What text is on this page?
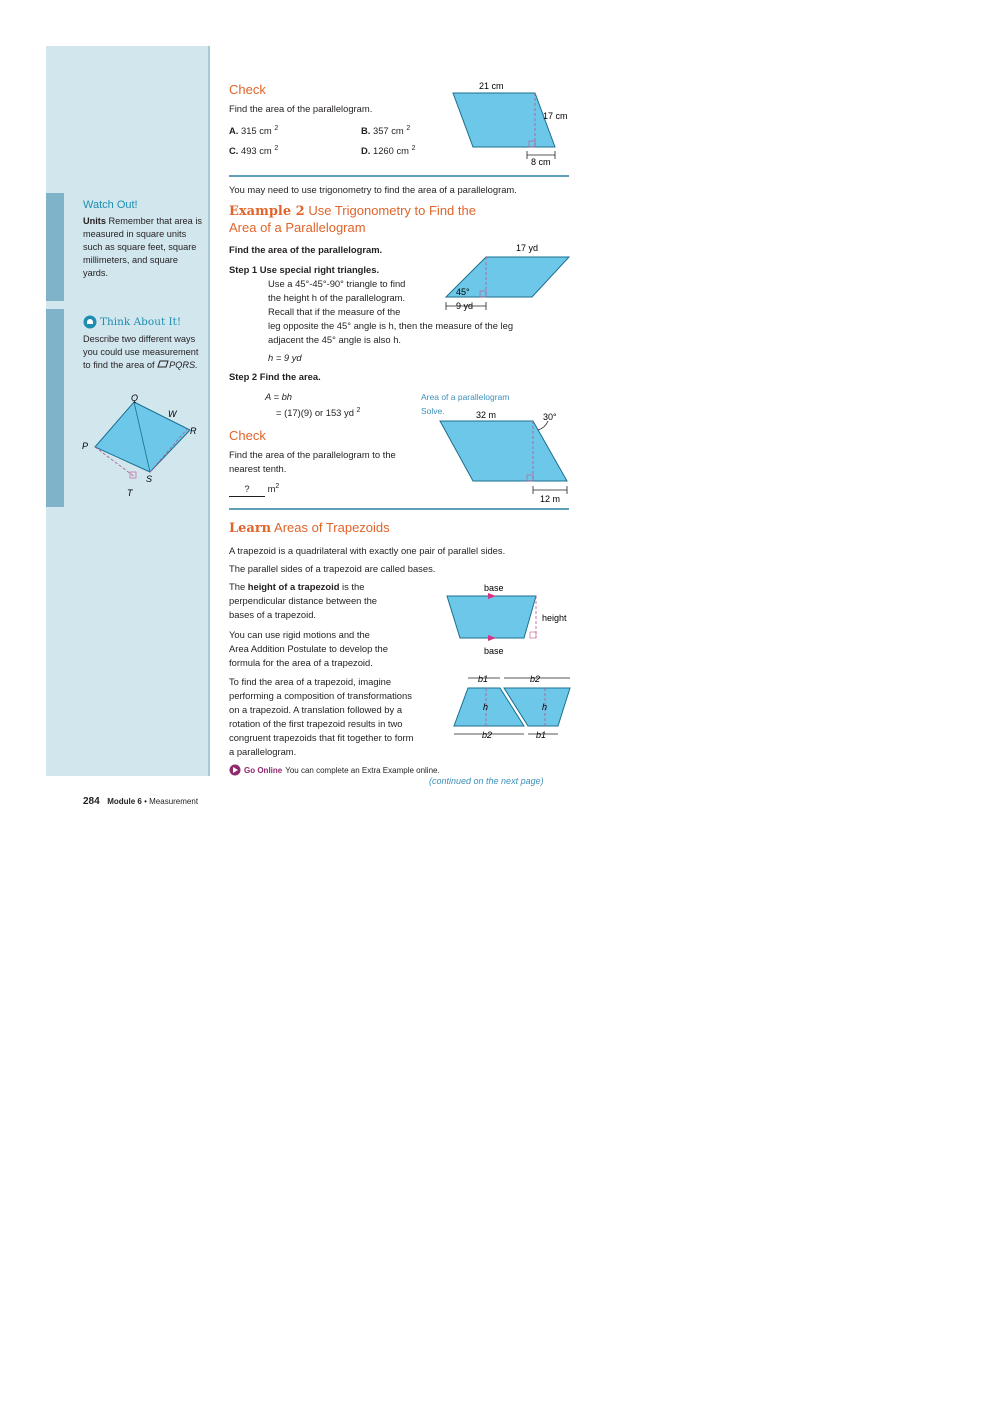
Watch Out!
Units Remember that area is measured in square units such as square feet, square millimeters, and square yards.
Think About It!
Describe two different ways you could use measurement to find the area of PQRS.
Q
W
R
P
S
T
Check
Find the area of the parallelogram.
A. 315 cm $^2$	B. 357 cm $^2$
C. 493 cm $^2$	D. 1260 cm $^2$
21 cm
17 cm
8 cm
You may need to use trigonometry to find the area of a parallelogram.
Example 2 Use Trigonometry to Find the
Area of a Parallelogram
Find the area of the parallelogram.
Step 1 Use special right triangles.
Use a 45°-45°-90° triangle to find
the height h of the parallelogram.
Recall that if the measure of the
leg opposite the 45° angle is h, then the measure of the leg
adjacent the 45° angle is also h.
h = 9 yd
17 yd
45°
9 yd
Step 2 Find the area.
A = bh
= (17)(9) or 153 yd $^2$
Area of a parallelogram
Solve.
Check
Find the area of the parallelogram to the
nearest tenth.
? $m^2$
32 m	30°
12 m
Learn Areas of Trapezoids
A trapezoid is a quadrilateral with exactly one pair of parallel sides.
The parallel sides of a trapezoid are called bases.
The height of a trapezoid is the
perpendicular distance between the
bases of a trapezoid.
You can use rigid motions and the
Area Addition Postulate to develop the
formula for the area of a trapezoid.
To find the area of a trapezoid, imagine
performing a composition of transformations
on a trapezoid. A translation followed by a
rotation of the first trapezoid results in two
congruent trapezoids that fit together to form
a parallelogram.
base
height
base
b1	b2
h	h
b2	b1
Go Online You can complete an Extra Example online.
(continued on the next page)
284 Module 6 • Measurement
